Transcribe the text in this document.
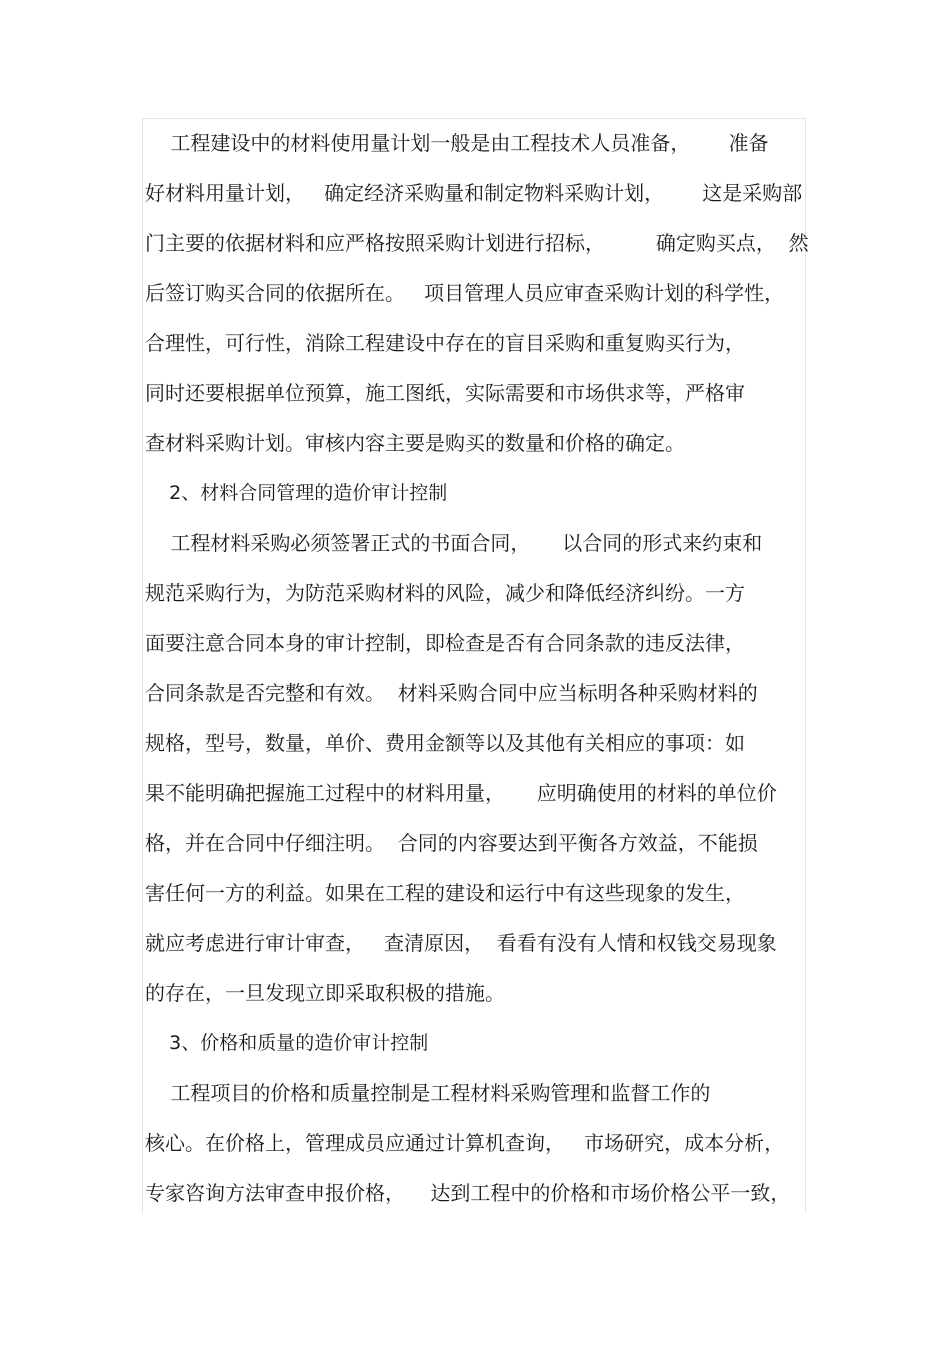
工程建设中的材料使用量计划一般是由工程技术人员准备，      准备
好材料用量计划，   确定经济采购量和制定物料采购计划，      这是采购部
门主要的依据材料和应严格按照采购计划进行招标，        确定购买点，  然
后签订购买合同的依据所在。   项目管理人员应审查采购计划的科学性，
合理性，可行性，消除工程建设中存在的盲目采购和重复购买行为，
同时还要根据单位预算，施工图纸，实际需要和市场供求等，严格审
查材料采购计划。审核内容主要是购买的数量和价格的确定。
2、材料合同管理的造价审计控制
工程材料采购必须签署正式的书面合同，     以合同的形式来约束和
规范采购行为，为防范采购材料的风险，减少和降低经济纠纷。一方
面要注意合同本身的审计控制，即检查是否有合同条款的违反法律，
合同条款是否完整和有效。  材料采购合同中应当标明各种采购材料的
规格，型号，数量，单价、费用金额等以及其他有关相应的事项：如
果不能明确把握施工过程中的材料用量，     应明确使用的材料的单位价
格，并在合同中仔细注明。  合同的内容要达到平衡各方效益，不能损
害任何一方的利益。如果在工程的建设和运行中有这些现象的发生，
就应考虑进行审计审查，   查清原因，  看看有没有人情和权钱交易现象
的存在，一旦发现立即采取积极的措施。
3、价格和质量的造价审计控制
工程项目的价格和质量控制是工程材料采购管理和监督工作的
核心。在价格上，管理成员应通过计算机查询，   市场研究，成本分析，
专家咨询方法审查申报价格，    达到工程中的价格和市场价格公平一致，
